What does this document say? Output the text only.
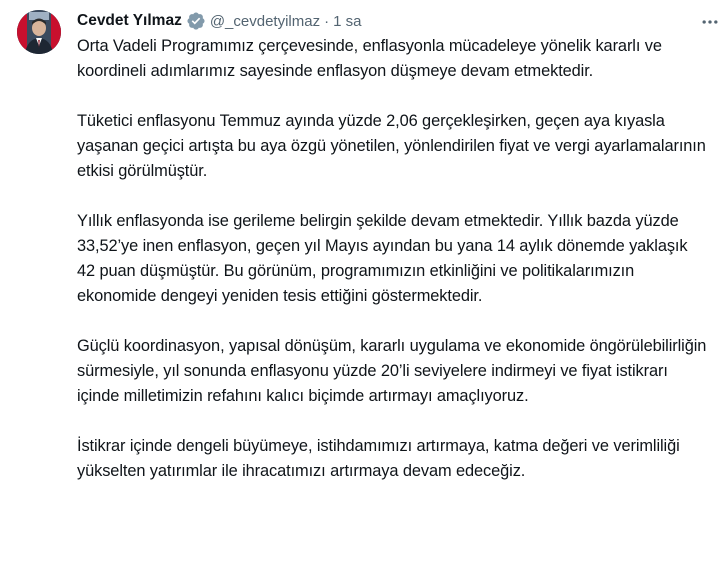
Cevdet Yılmaz @_cevdetyilmaz · 1 sa

Orta Vadeli Programımız çerçevesinde, enflasyonla mücadeleye yönelik kararlı ve koordineli adımlarımız sayesinde enflasyon düşmeye devam etmektedir.

Tüketici enflasyonu Temmuz ayında yüzde 2,06 gerçekleşirken, geçen aya kıyasla yaşanan geçici artışta bu aya özgü yönetilen, yönlendirilen fiyat ve vergi ayarlamalarının etkisi görülmüştür.

Yıllık enflasyonda ise gerileme belirgin şekilde devam etmektedir. Yıllık bazda yüzde 33,52’ye inen enflasyon, geçen yıl Mayıs ayından bu yana 14 aylık dönemde yaklaşık 42 puan düşmüştür. Bu görünüm, programımızın etkinliğini ve politikalarımızın ekonomide dengeyi yeniden tesis ettiğini göstermektedir.

Güçlü koordinasyon, yapısal dönüşüm, kararlı uygulama ve ekonomide öngörülebilirliğin sürmesiyle, yıl sonunda enflasyonu yüzde 20’li seviyelere indirmeyi ve fiyat istikrarı içinde milletimizin refahını kalıcı biçimde artırmayı amaçlıyoruz.

İstikrar içinde dengeli büyümeye, istihdamımızı artırmaya, katma değeri ve verimliliği yükselten yatırımlar ile ihracatımızı artırmaya devam edeceğiz.
